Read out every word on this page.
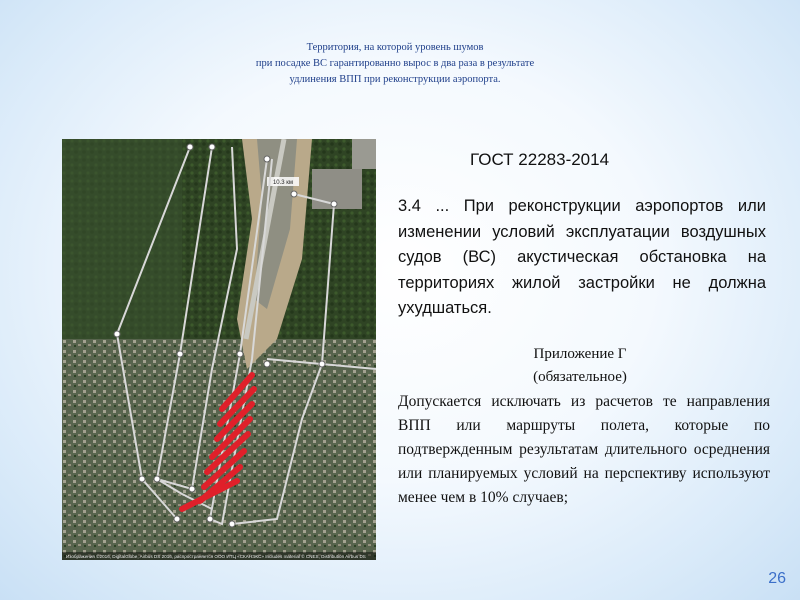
Территория, на которой уровень шумов
при посадке ВС гарантированно вырос в два раза в результате
удлинения ВПП при реконструкции аэропорта.
10.3 км
Изображения ©2016, DigitalGlobe, Airbus DS 2016, распространяется ООО ИТЦ «СКАНЭКС» Includes material © CNES, Distribution Airbus DS
ГОСТ 22283-2014
3.4 ... При реконструкции аэропортов или изменении условий эксплуатации воздушных судов (ВС) акустическая обстановка на территориях жилой застройки не должна ухудшаться.
Приложение Г
(обязательное)
Допускается исключать из расчетов те направления ВПП или маршруты полета, которые по подтвержденным результатам длительного осреднения или планируемых условий на перспективу используют менее чем в 10% случаев;
26
